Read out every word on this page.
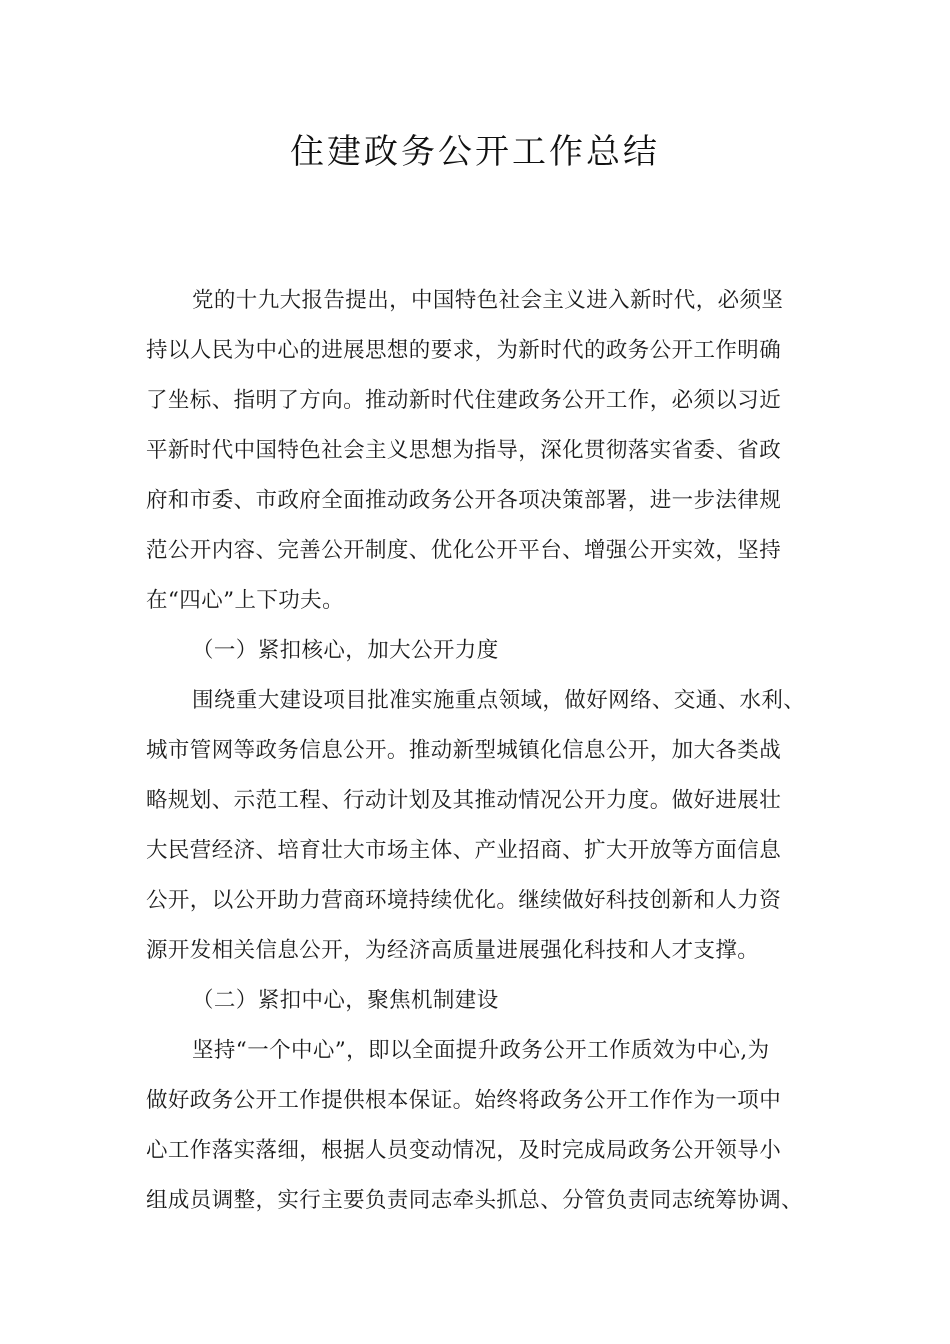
住建政务公开工作总结
党的十九大报告提出，中国特色社会主义进入新时代，必须坚
持以人民为中心的进展思想的要求，为新时代的政务公开工作明确
了坐标、指明了方向。推动新时代住建政务公开工作，必须以习近
平新时代中国特色社会主义思想为指导，深化贯彻落实省委、省政
府和市委、市政府全面推动政务公开各项决策部署，进一步法律规
范公开内容、完善公开制度、优化公开平台、增强公开实效，坚持
在“四心”上下功夫。
（一）紧扣核心，加大公开力度
围绕重大建设项目批准实施重点领域，做好网络、交通、水利、
城市管网等政务信息公开。推动新型城镇化信息公开，加大各类战
略规划、示范工程、行动计划及其推动情况公开力度。做好进展壮
大民营经济、培育壮大市场主体、产业招商、扩大开放等方面信息
公开，以公开助力营商环境持续优化。继续做好科技创新和人力资
源开发相关信息公开，为经济高质量进展强化科技和人才支撑。
（二）紧扣中心，聚焦机制建设
坚持“一个中心”，即以全面提升政务公开工作质效为中心,为
做好政务公开工作提供根本保证。始终将政务公开工作作为一项中
心工作落实落细，根据人员变动情况，及时完成局政务公开领导小
组成员调整，实行主要负责同志牵头抓总、分管负责同志统筹协调、
